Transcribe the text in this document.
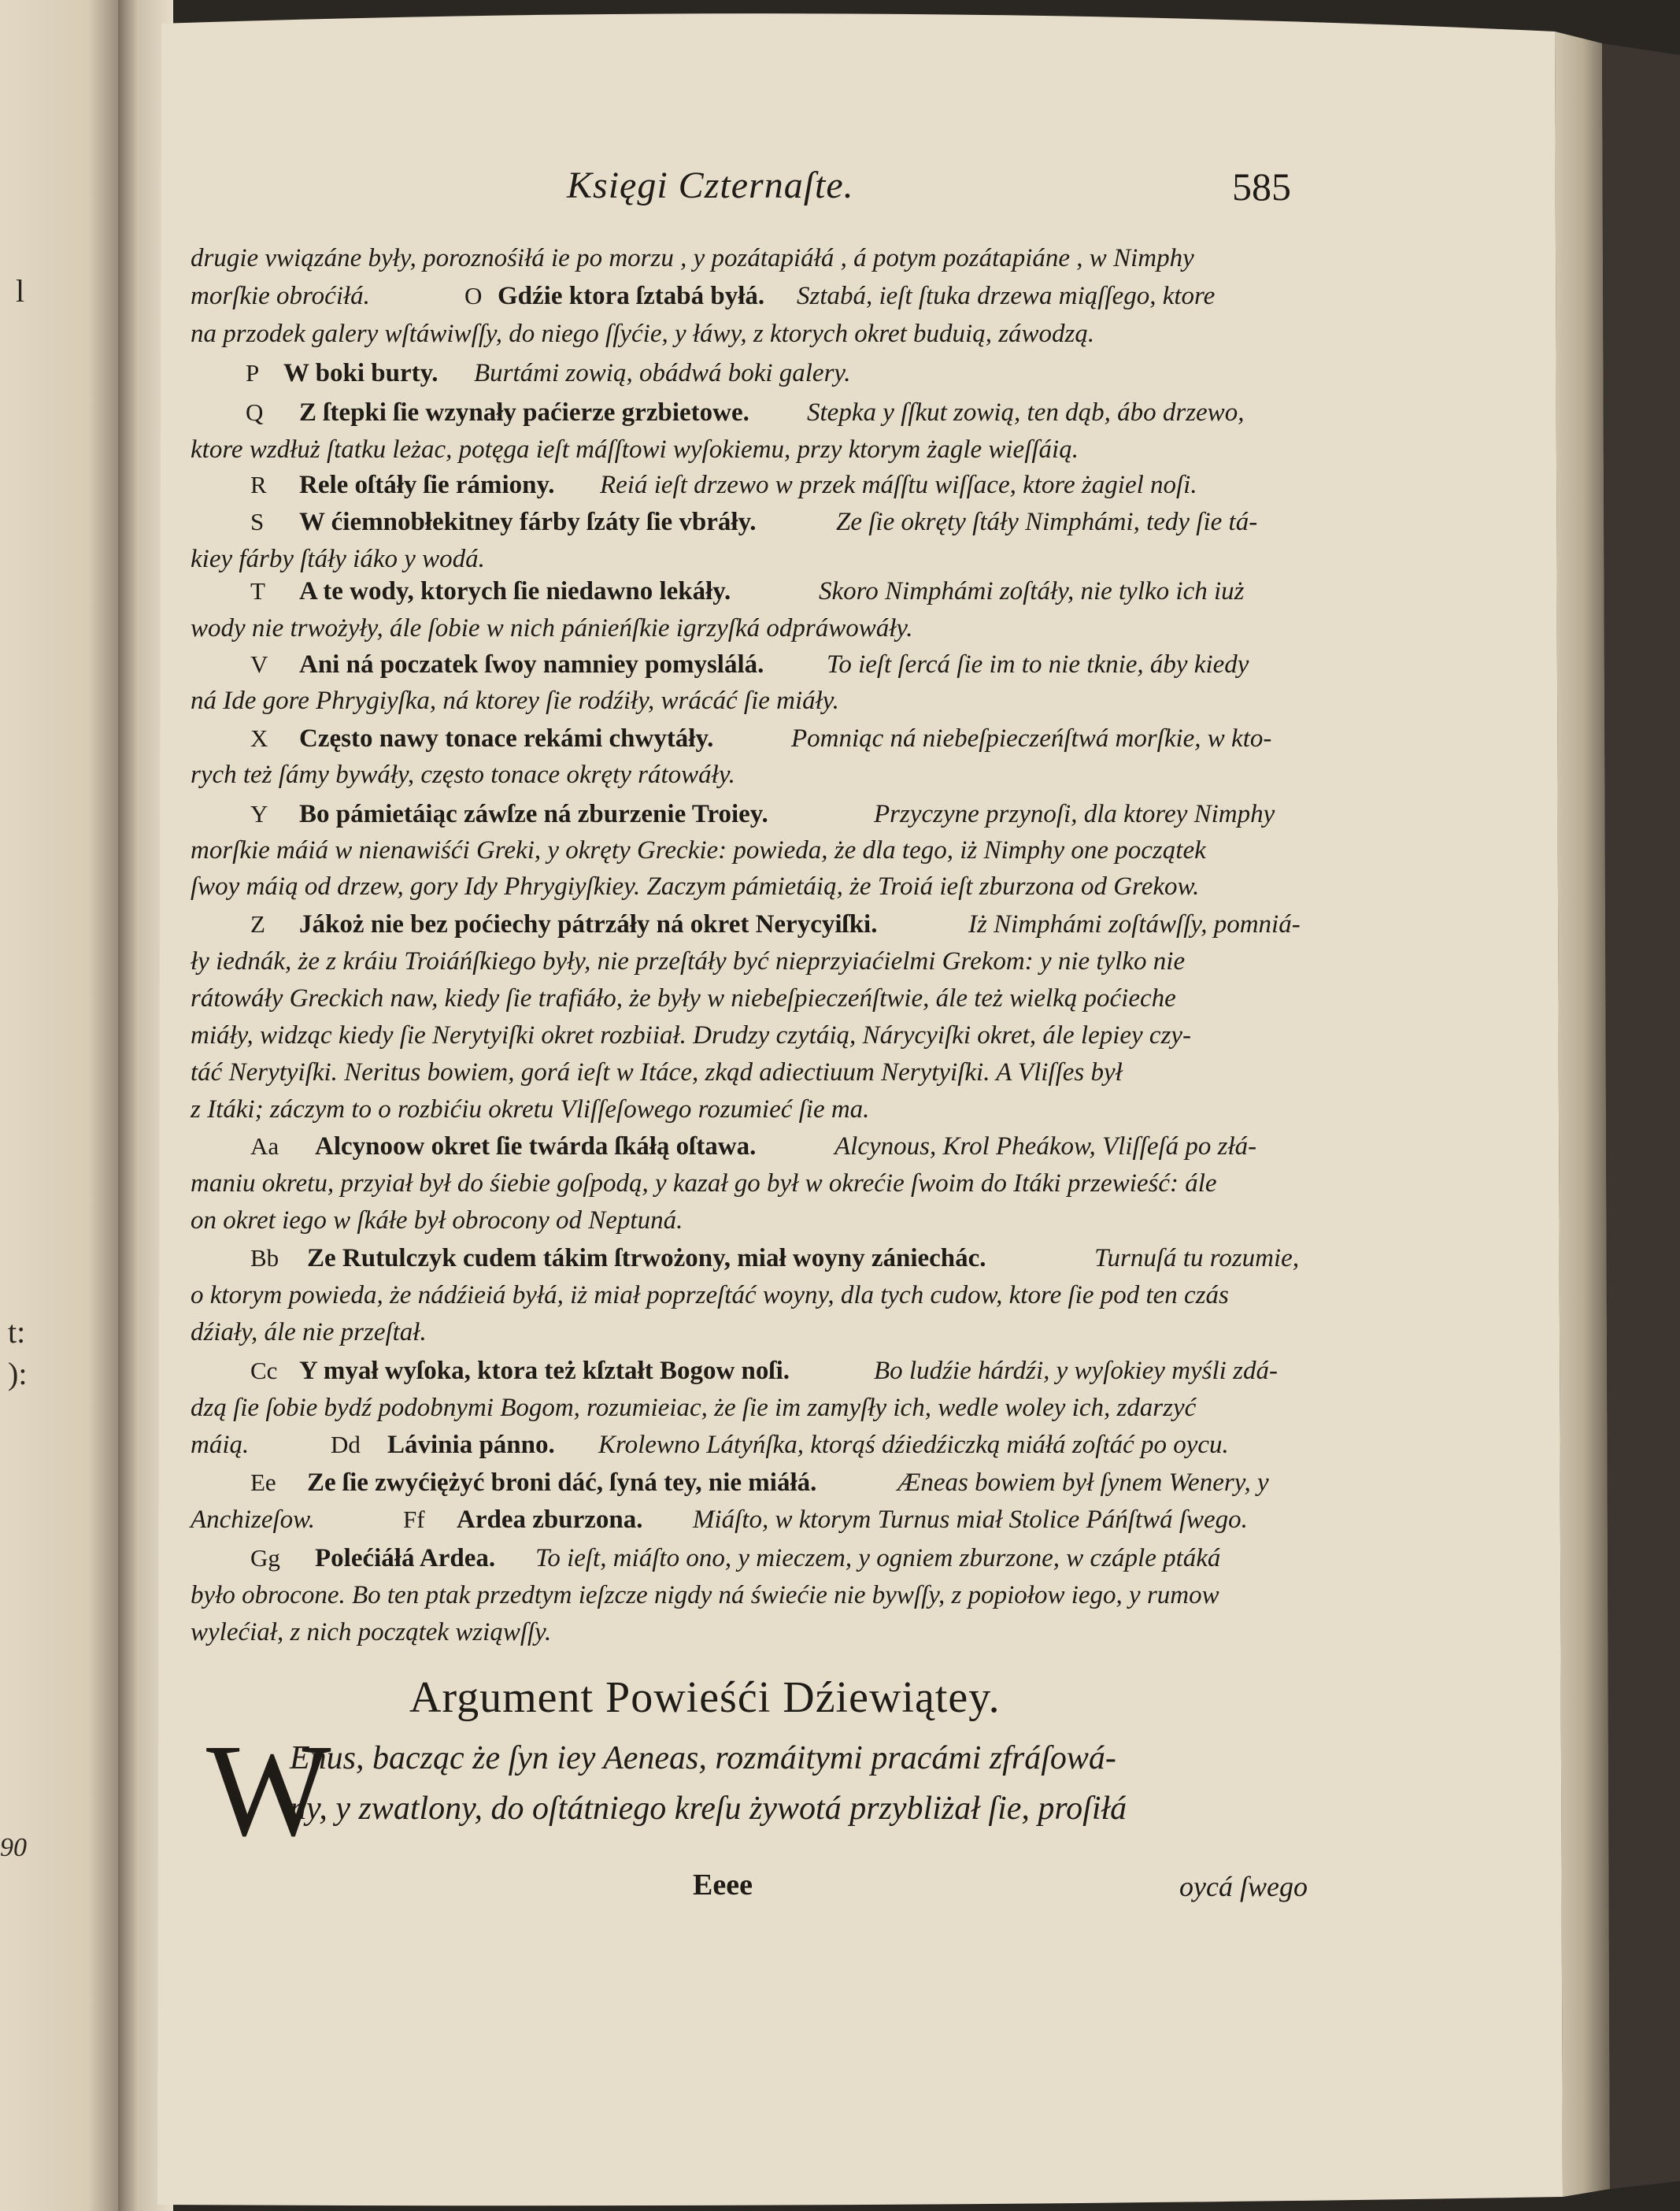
Księgi Czternaſte.	585
drugie vwiązáne były, poroznośiłá ie po morzu , y pozátapiáłá , á potym pozátapiáne , w Nimphy
morſkie obroćiłá.
na przodek galery wſtáwiwſſy, do niego ſſyćie, y łáwy, z ktorych okret buduią, záwodzą.
O Gdźie ktora ſztabá byłá. Sztabá, ieſt ſtuka drzewa miąſſego, ktore
P W boki burty. Burtámi zowią, obádwá boki galery.
Q Z ſtepki ſie wzynały paćierze grzbietowe. Stepka y ſſkut zowią, ten dąb, ábo drzewo,
ktore wzdłuż ſtatku leżac, potęga ieſt máſſtowi wyſokiemu, przy ktorym żagle wieſſáią.
R Rele oſtáły ſie rámiony. Reiá ieſt drzewo w przek máſſtu wiſſace, ktore żagiel noſi.
S W ćiemnobłekitney fárby ſzáty ſie vbráły.	Ze ſie okręty ſtáły Nimphámi, tedy ſie tá-
kiey fárby ſtáły iáko y wodá.
T A te wody, ktorych ſie niedawno lekáły.	Skoro Nimphámi zoſtáły, nie tylko ich iuż
wody nie trwożyły, ále ſobie w nich pánieńſkie igrzyſká odpráwowáły.
V Ani ná poczatek ſwoy namniey pomyslálá. To ieſt ſercá ſie im to nie tknie, áby kiedy
ná Ide gore Phrygiyſka, ná ktorey ſie rodźiły, wrácáć ſie miáły.
X Często nawy tonace rekámi chwytáły.	Pomniąc ná niebeſpieczeńſtwá morſkie, w kto-
rych też ſámy bywáły, często tonace okręty rátowáły.
Y Bo pámietáiąc záwſze ná zburzenie Troiey.	Przyczyne przynoſi, dla ktorey Nimphy
morſkie máiá w nienawiśći Greki, y okręty Greckie: powieda, że dla tego, iż Nimphy one początek
ſwoy máią od drzew, gory Idy Phrygiyſkiey. Zaczym pámietáią, że Troiá ieſt zburzona od Grekow.
Z Jákoż nie bez poćiechy pátrzáły ná okret Nerycyiſki.	Iż Nimphámi zoſtáwſſy, pomniá-
ły iednák, że z kráiu Troiáńſkiego były, nie przeſtáły być nieprzyiaćielmi Grekom: y nie tylko nie
rátowáły Greckich naw, kiedy ſie trafiáło, że były w niebeſpieczeńſtwie, ále też wielką poćieche
miáły, widząc kiedy ſie Nerytyiſki okret rozbiiał. Drudzy czytáią, Nárycyiſki okret, ále lepiey czy-
táć Nerytyiſki. Neritus bowiem, gorá ieſt w Itáce, zkąd adiectiuum Nerytyiſki. A Vliſſes był
z Itáki; záczym to o rozbićiu okretu Vliſſeſowego rozumieć ſie ma.
Aa Alcynoow okret ſie twárda ſkáłą oſtawa.	Alcynous, Krol Pheákow, Vliſſeſá po złá-
maniu okretu, przyiał był do śiebie goſpodą, y kazał go był w okrećie ſwoim do Itáki przewieść: ále
on okret iego w ſkáłe był obrocony od Neptuná.
Bb Ze Rutulczyk cudem tákim ſtrwożony, miał woyny zániechác.	Turnuſá tu rozumie,
o ktorym powieda, że nádźieiá byłá, iż miał poprzeſtáć woyny, dla tych cudow, ktore ſie pod ten czás
dźiały, ále nie przeſtał.
Cc Y myał wyſoka, ktora też kſztałt Bogow noſi.	Bo ludźie hárdźi, y wyſokiey myśli zdá-
dzą ſie ſobie bydź podobnymi Bogom, rozumieiac, że ſie im zamyſły ich, wedle woley ich, zdarzyć
máią.	Dd Lávinia pánno. Krolewno Látyńſka, ktorąś dźiedźiczką miáłá zoſtáć po oycu.
Ee Ze ſie zwyćiężyć broni dáć, ſyná tey, nie miáłá.	Æneas bowiem był ſynem Wenery, y
Anchizeſow.	Ff Ardea zburzona. Miáſto, w ktorym Turnus miał Stolice Páńſtwá ſwego.
Gg Polećiáłá Ardea. To ieſt, miáſto ono, y mieczem, y ogniem zburzone, w czáple ptáká
było obrocone. Bo ten ptak przedtym ieſzcze nigdy ná świećie nie bywſſy, z popiołow iego, y rumow
wylećiał, z nich początek wziąwſſy.
Argument Powieśći Dźiewiątey.
W
Enus, bacząc że ſyn iey Aeneas, rozmáitymi pracámi zfráſowá-
ny, y zwatlony, do oſtátniego kreſu żywotá przybliżał ſie, proſiłá
Eeee	oycá ſwego
l
t:
):
90
